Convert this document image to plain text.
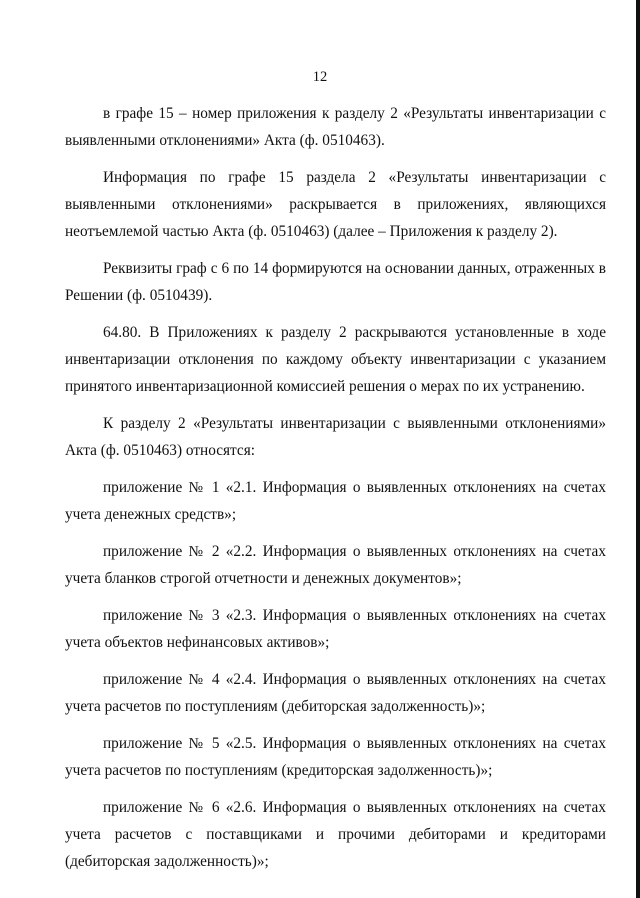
12

в графе 15 – номер приложения к разделу 2 «Результаты инвентаризации с выявленными отклонениями» Акта (ф. 0510463).

Информация по графе 15 раздела 2 «Результаты инвентаризации с выявленными отклонениями» раскрывается в приложениях, являющихся неотъемлемой частью Акта (ф. 0510463) (далее – Приложения к разделу 2).

Реквизиты граф с 6 по 14 формируются на основании данных, отраженных в Решении (ф. 0510439).

64.80. В Приложениях к разделу 2 раскрываются установленные в ходе инвентаризации отклонения по каждому объекту инвентаризации с указанием принятого инвентаризационной комиссией решения о мерах по их устранению.

К разделу 2 «Результаты инвентаризации с выявленными отклонениями» Акта (ф. 0510463) относятся:

приложение № 1 «2.1. Информация о выявленных отклонениях на счетах учета денежных средств»;

приложение № 2 «2.2. Информация о выявленных отклонениях на счетах учета бланков строгой отчетности и денежных документов»;

приложение № 3 «2.3. Информация о выявленных отклонениях на счетах учета объектов нефинансовых активов»;

приложение № 4 «2.4. Информация о выявленных отклонениях на счетах учета расчетов по поступлениям (дебиторская задолженность)»;

приложение № 5 «2.5. Информация о выявленных отклонениях на счетах учета расчетов по поступлениям (кредиторская задолженность)»;

приложение № 6 «2.6. Информация о выявленных отклонениях на счетах учета расчетов с поставщиками и прочими дебиторами и кредиторами (дебиторская задолженность)»;
